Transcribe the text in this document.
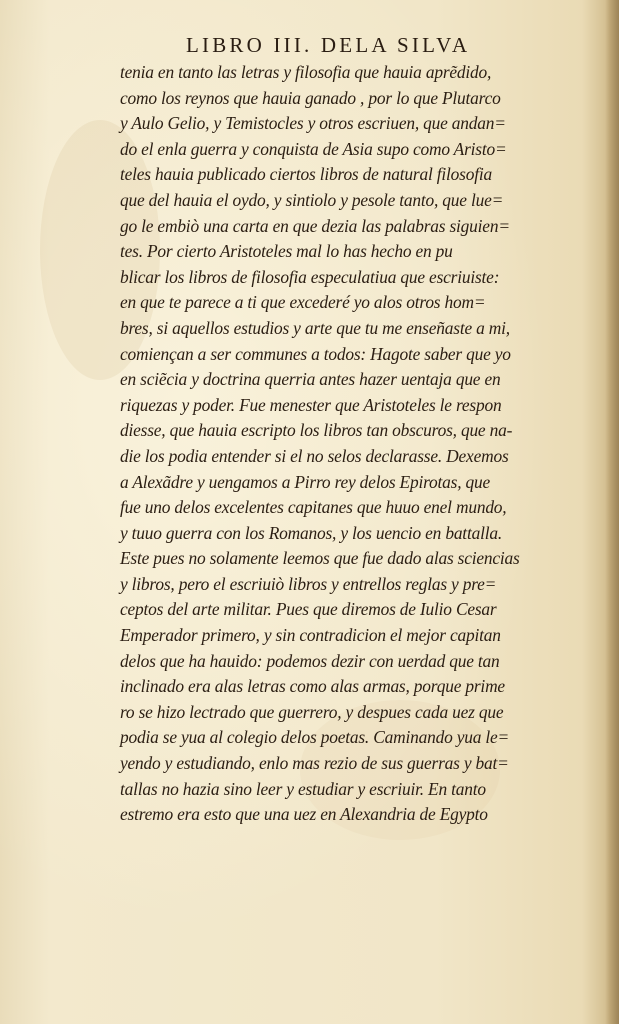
LIBRO III. DELA SILVA
tenia en tanto las letras y filosofia que hauia aprẽdido,
como los reynos que hauia ganado , por lo que Plutarco
y Aulo Gelio, y Temistocles y otros escriuen, que andan=
do el enla guerra y conquista de Asia supo como Aristo=
teles hauia publicado ciertos libros de natural filosofia
que del hauia el oydo, y sintiolo y pesole tanto, que lue=
go le embiò una carta en que dezia las palabras siguien=
tes. Por cierto Aristoteles mal lo has hecho en pu
blicar los libros de filosofia especulatiua que escriuiste:
en que te parece a ti que excederé yo alos otros hom=
bres, si aquellos estudios y arte que tu me enseñaste a mi,
comiençan a ser communes a todos: Hagote saber que yo
en sciẽcia y doctrina querria antes hazer uentaja que en
riquezas y poder. Fue menester que Aristoteles le respon
diesse, que hauia escripto los libros tan obscuros, que na-
die los podia entender si el no selos declarasse. Dexemos
a Alexãdre y uengamos a Pirro rey delos Epirotas, que
fue uno delos excelentes capitanes que huuo enel mundo,
y tuuo guerra con los Romanos, y los uencio en battalla.
Este pues no solamente leemos que fue dado alas sciencias
y libros, pero el escriuiò libros y entrellos reglas y pre=
ceptos del arte militar. Pues que diremos de Iulio Cesar
Emperador primero, y sin contradicion el mejor capitan
delos que ha hauido: podemos dezir con uerdad que tan
inclinado era alas letras como alas armas, porque prime
ro se hizo lectrado que guerrero, y despues cada uez que
podia se yua al colegio delos poetas. Caminando yua le=
yendo y estudiando, enlo mas rezio de sus guerras y bat=
tallas no hazia sino leer y estudiar y escriuir. En tanto
estremo era esto que una uez en Alexandria de Egypto
